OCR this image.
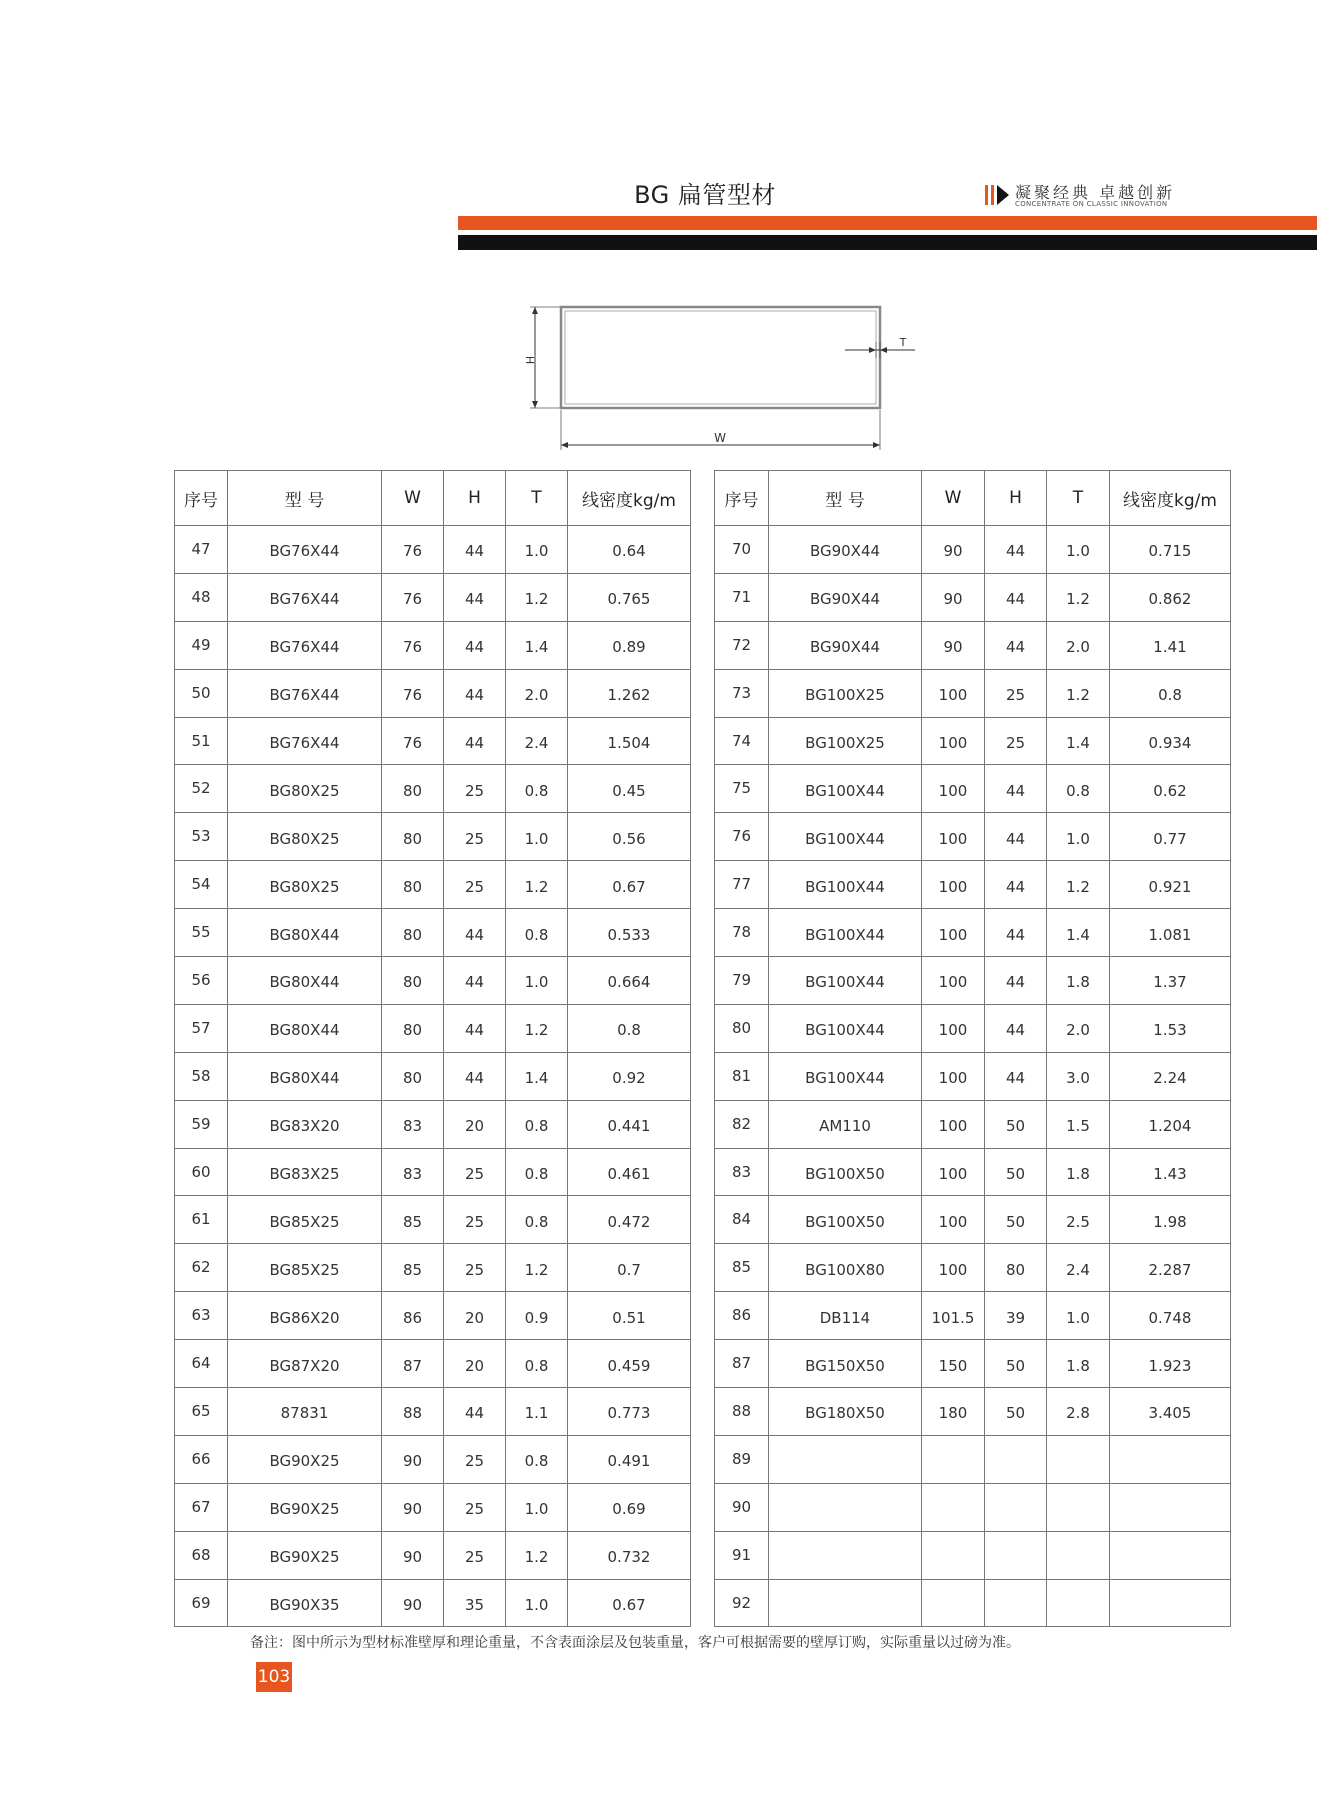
BG 扁管型材	凝聚经典 卓越创新
CONCENTRATE ON CLASSIC INNOVATION
H
W
T
序号	型 号	W	H	T	线密度kg/m
47	BG76X44	76	44	1.0	0.64
48	BG76X44	76	44	1.2	0.765
49	BG76X44	76	44	1.4	0.89
50	BG76X44	76	44	2.0	1.262
51	BG76X44	76	44	2.4	1.504
52	BG80X25	80	25	0.8	0.45
53	BG80X25	80	25	1.0	0.56
54	BG80X25	80	25	1.2	0.67
55	BG80X44	80	44	0.8	0.533
56	BG80X44	80	44	1.0	0.664
57	BG80X44	80	44	1.2	0.8
58	BG80X44	80	44	1.4	0.92
59	BG83X20	83	20	0.8	0.441
60	BG83X25	83	25	0.8	0.461
61	BG85X25	85	25	0.8	0.472
62	BG85X25	85	25	1.2	0.7
63	BG86X20	86	20	0.9	0.51
64	BG87X20	87	20	0.8	0.459
65	87831	88	44	1.1	0.773
66	BG90X25	90	25	0.8	0.491
67	BG90X25	90	25	1.0	0.69
68	BG90X25	90	25	1.2	0.732
69	BG90X35	90	35	1.0	0.67
序号	型 号	W	H	T	线密度kg/m
70	BG90X44	90	44	1.0	0.715
71	BG90X44	90	44	1.2	0.862
72	BG90X44	90	44	2.0	1.41
73	BG100X25	100	25	1.2	0.8
74	BG100X25	100	25	1.4	0.934
75	BG100X44	100	44	0.8	0.62
76	BG100X44	100	44	1.0	0.77
77	BG100X44	100	44	1.2	0.921
78	BG100X44	100	44	1.4	1.081
79	BG100X44	100	44	1.8	1.37
80	BG100X44	100	44	2.0	1.53
81	BG100X44	100	44	3.0	2.24
82	AM110	100	50	1.5	1.204
83	BG100X50	100	50	1.8	1.43
84	BG100X50	100	50	2.5	1.98
85	BG100X80	100	80	2.4	2.287
86	DB114	101.5	39	1.0	0.748
87	BG150X50	150	50	1.8	1.923
88	BG180X50	180	50	2.8	3.405
89					
90					
91					
92					
备注：图中所示为型材标准壁厚和理论重量，不含表面涂层及包装重量，客户可根据需要的壁厚订购，实际重量以过磅为准。
103
